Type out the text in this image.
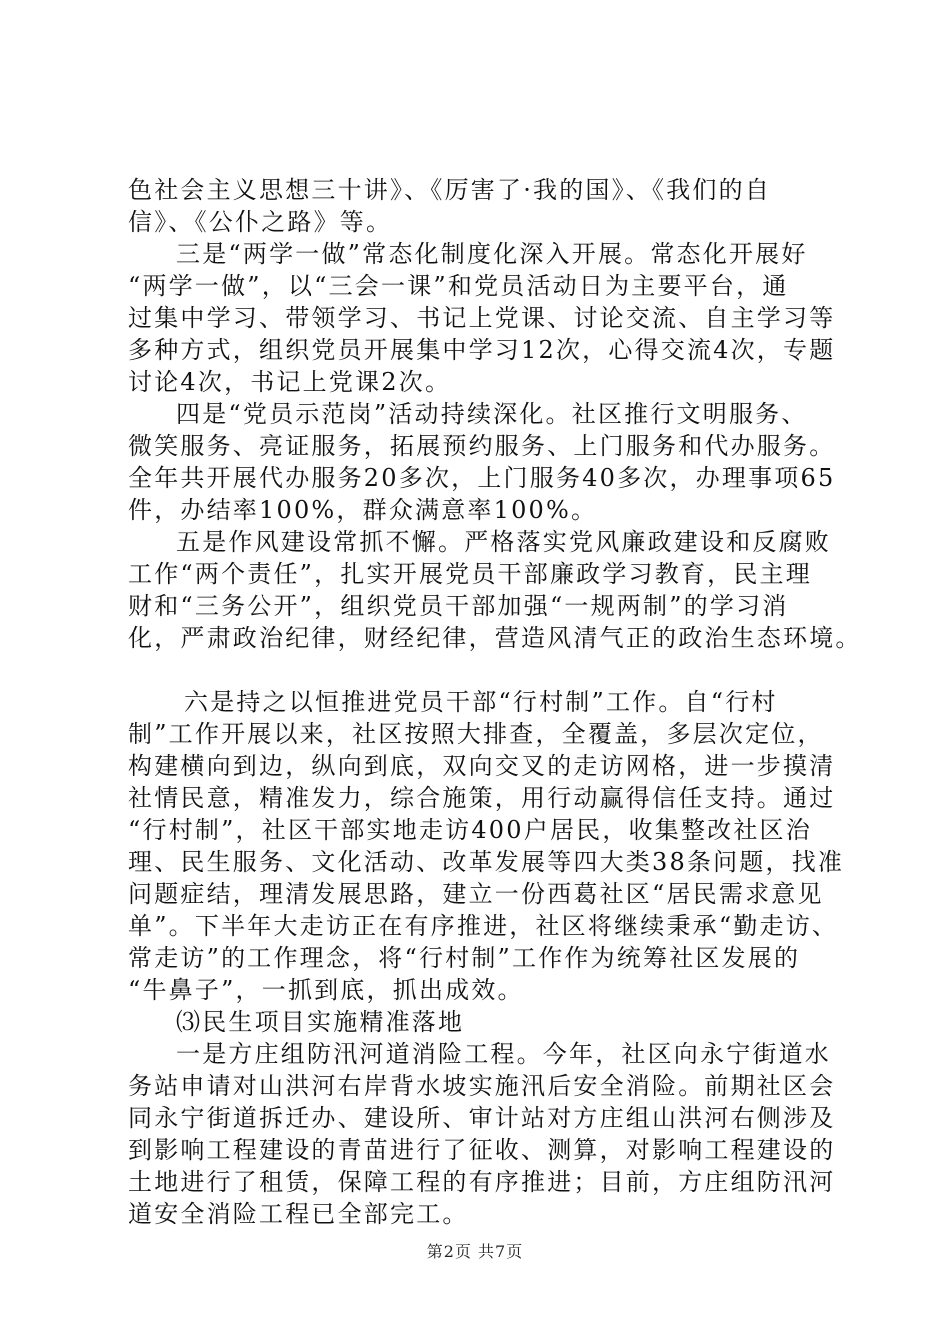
色社会主义思想三十讲》、《厉害了·我的国》、《我们的自
信》、《公仆之路》等。
三是“两学一做”常态化制度化深入开展。常态化开展好
“两学一做”，以“三会一课”和党员活动日为主要平台，通
过集中学习、带领学习、书记上党课、讨论交流、自主学习等
多种方式，组织党员开展集中学习12次，心得交流4次，专题
讨论4次，书记上党课2次。
四是“党员示范岗”活动持续深化。社区推行文明服务、
微笑服务、亮证服务，拓展预约服务、上门服务和代办服务。
全年共开展代办服务20多次，上门服务40多次，办理事项65
件，办结率100%，群众满意率100%。
五是作风建设常抓不懈。严格落实党风廉政建设和反腐败
工作“两个责任”，扎实开展党员干部廉政学习教育，民主理
财和“三务公开”，组织党员干部加强“一规两制”的学习消
化，严肃政治纪律，财经纪律，营造风清气正的政治生态环境。
六是持之以恒推进党员干部“行村制”工作。自“行村
制”工作开展以来，社区按照大排查，全覆盖，多层次定位，
构建横向到边，纵向到底，双向交叉的走访网格，进一步摸清
社情民意，精准发力，综合施策，用行动赢得信任支持。通过
“行村制”，社区干部实地走访400户居民，收集整改社区治
理、民生服务、文化活动、改革发展等四大类38条问题，找准
问题症结，理清发展思路，建立一份西葛社区“居民需求意见
单”。下半年大走访正在有序推进，社区将继续秉承“勤走访、
常走访”的工作理念，将“行村制”工作作为统筹社区发展的
“牛鼻子”，一抓到底，抓出成效。
⑶民生项目实施精准落地
一是方庄组防汛河道消险工程。今年，社区向永宁街道水
务站申请对山洪河右岸背水坡实施汛后安全消险。前期社区会
同永宁街道拆迁办、建设所、审计站对方庄组山洪河右侧涉及
到影响工程建设的青苗进行了征收、测算，对影响工程建设的
土地进行了租赁，保障工程的有序推进；目前，方庄组防汛河
道安全消险工程已全部完工。
第2页 共7页
